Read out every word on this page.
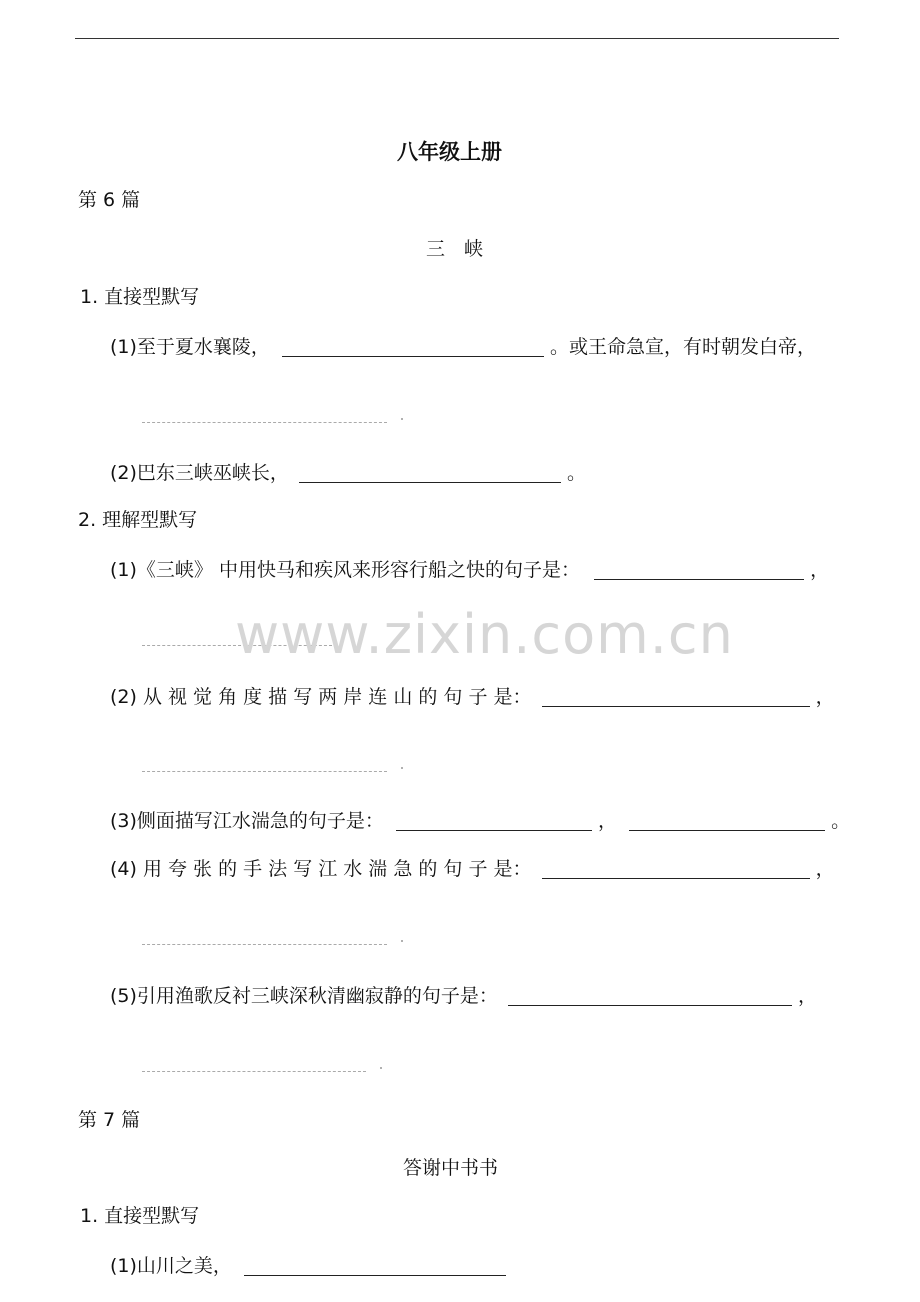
八年级上册
第 6 篇
三　峡
1. 直接型默写
(1)至于夏水襄陵，	。或王命急宣，有时朝发白帝，
(2)巴东三峡巫峡长，	。
2. 理解型默写
(1)《三峡》 中用快马和疾风来形容行船之快的句子是：	，
www.zixin.com.cn
(2) 从 视 觉 角 度 描 写 两 岸 连 山 的 句 子 是：	，
(3)侧面描写江水湍急的句子是：	，	。
(4) 用 夸 张 的 手 法 写 江 水 湍 急 的 句 子 是：	，
(5)引用渔歌反衬三峡深秋清幽寂静的句子是：	，
第 7 篇
答谢中书书
1. 直接型默写
(1)山川之美，
